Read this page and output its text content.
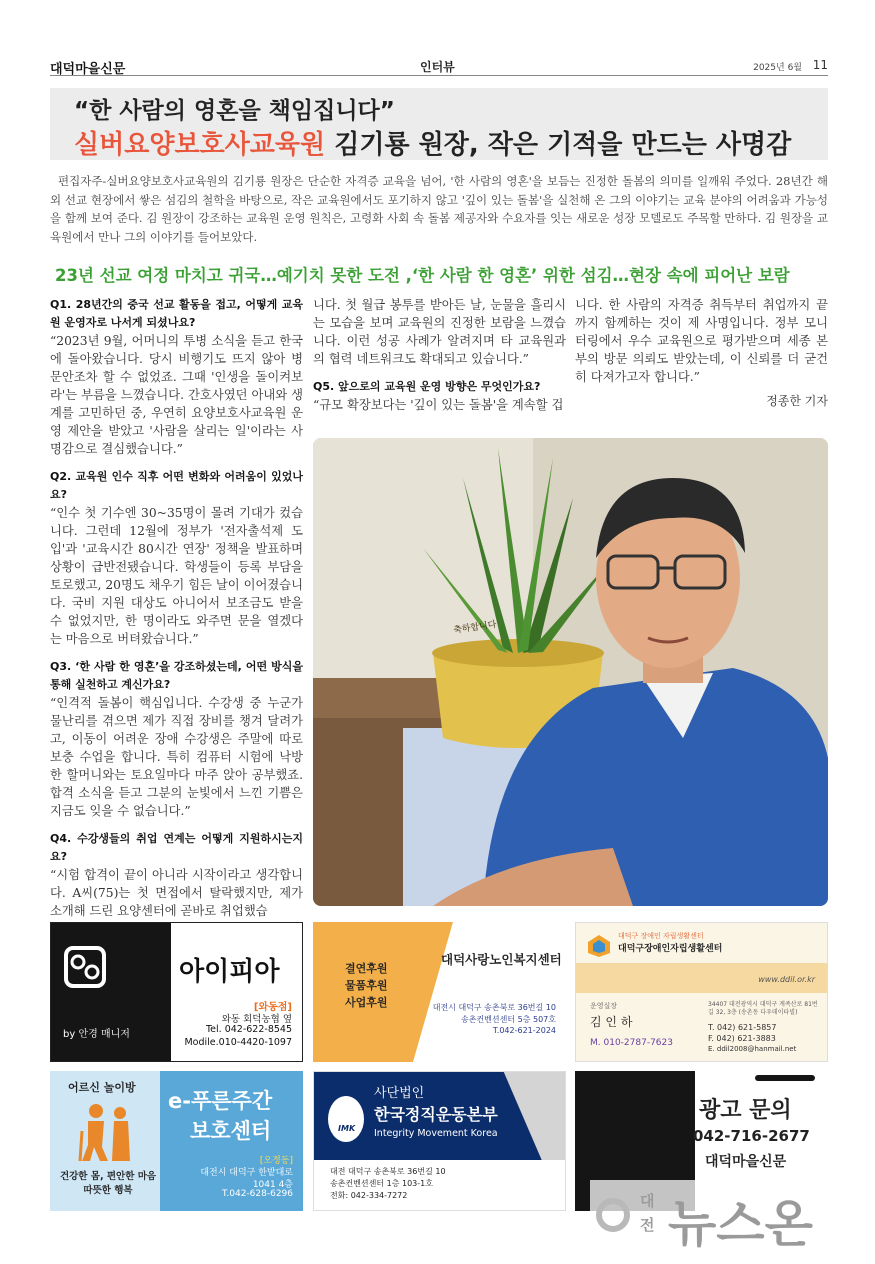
대덕마을신문	인터뷰	2025년 6월 11
“한 사람의 영혼을 책임집니다”
실버요양보호사교육원 김기룡 원장, 작은 기적을 만드는 사명감
편집자주-실버요양보호사교육원의 김기룡 원장은 단순한 자격증 교육을 넘어, '한 사람의 영혼'을 보듬는 진정한 돌봄의 의미를 일깨워 주었다. 28년간 해외 선교 현장에서 쌓은 섬김의 철학을 바탕으로, 작은 교육원에서도 포기하지 않고 '깊이 있는 돌봄'을 실천해 온 그의 이야기는 교육 분야의 어려움과 가능성을 함께 보여 준다. 김 원장이 강조하는 교육원 운영 원칙은, 고령화 사회 속 돌봄 제공자와 수요자를 잇는 새로운 성장 모델로도 주목할 만하다. 김 원장을 교육원에서 만나 그의 이야기를 들어보았다.
23년 선교 여정 마치고 귀국…예기치 못한 도전 ,‘한 사람 한 영혼’ 위한 섬김…현장 속에 피어난 보람
Q1. 28년간의 중국 선교 활동을 접고, 어떻게 교육원 운영자로 나서게 되셨나요?
“2023년 9월, 어머니의 투병 소식을 듣고 한국에 돌아왔습니다. 당시 비행기도 뜨지 않아 병문안조차 할 수 없었죠. 그때 '인생을 돌이켜보라'는 부름을 느꼈습니다. 간호사였던 아내와 생계를 고민하던 중, 우연히 요양보호사교육원 운영 제안을 받았고 '사람을 살리는 일'이라는 사명감으로 결심했습니다.”
Q2. 교육원 인수 직후 어떤 변화와 어려움이 있었나요?
“인수 첫 기수엔 30~35명이 몰려 기대가 컸습니다. 그런데 12월에 정부가 '전자출석제 도입'과 '교육시간 80시간 연장' 정책을 발표하며 상황이 급반전됐습니다. 학생들이 등록 부담을 토로했고, 20명도 채우기 힘든 날이 이어졌습니다. 국비 지원 대상도 아니어서 보조금도 받을 수 없었지만, 한 명이라도 와주면 문을 열겠다는 마음으로 버텨왔습니다.”
Q3. ‘한 사람 한 영혼’을 강조하셨는데, 어떤 방식을 통해 실천하고 계신가요?
“인격적 돌봄이 핵심입니다. 수강생 중 누군가 물난리를 겪으면 제가 직접 장비를 챙겨 달려가고, 이동이 어려운 장애 수강생은 주말에 따로 보충 수업을 합니다. 특히 컴퓨터 시험에 낙방한 할머니와는 토요일마다 마주 앉아 공부했죠. 합격 소식을 듣고 그분의 눈빛에서 느낀 기쁨은 지금도 잊을 수 없습니다.”
Q4. 수강생들의 취업 연계는 어떻게 지원하시는지요?
“시험 합격이 끝이 아니라 시작이라고 생각합니다. A씨(75)는 첫 면접에서 탈락했지만, 제가 소개해 드린 요양센터에 곧바로 취업했습
니다. 첫 월급 봉투를 받아든 날, 눈물을 흘리시는 모습을 보며 교육원의 진정한 보람을 느꼈습니다. 이런 성공 사례가 알려지며 타 교육원과의 협력 네트워크도 확대되고 있습니다.”
Q5. 앞으로의 교육원 운영 방향은 무엇인가요?
“규모 확장보다는 '깊이 있는 돌봄'을 계속할 겁
니다. 한 사람의 자격증 취득부터 취업까지 끝까지 함께하는 것이 제 사명입니다. 정부 모니터링에서 우수 교육원으로 평가받으며 세종 본부의 방문 의뢰도 받았는데, 이 신뢰를 더 굳건히 다져가고자 합니다.”
정종한 기자
축하합니다
by 안경 매니저
아이피아
[와동점]
와동 회덕농협 옆
Tel. 042-622-8545
Modile.010-4420-1097
결연후원
물품후원
사업후원
대덕사랑노인복지센터
대전시 대덕구 송촌북로 36번길 10
송촌컨벤션센터 5층 507호
T.042-621-2024
대덕구 장애인 자립생활센터
대덕구장애인자립생활센터
www.ddil.or.kr
운영실장
김 인 하
M. 010-2787-7623
34407 대전광역시 대덕구 계족산로 81번길 32, 3층 (송촌동 다우데이타빌)
T. 042) 621-5857
F. 042) 621-3883
E. ddil2008@hanmail.net
어르신 놀이방
건강한 몸, 편안한 마음
따뜻한 행복
e-푸른주간
보호센터
[오정동]
대전시 대덕구 한밭대로
1041 4층
T.042-628-6296
IMK
사단법인
한국정직운동본부
Integrity Movement Korea
대전 대덕구 송촌북로 36번길 10
송촌컨벤션센터 1층 103-1호
전화: 042-334-7272
광고 문의
042-716-2677
대덕마을신문
대
전 뉴스온
